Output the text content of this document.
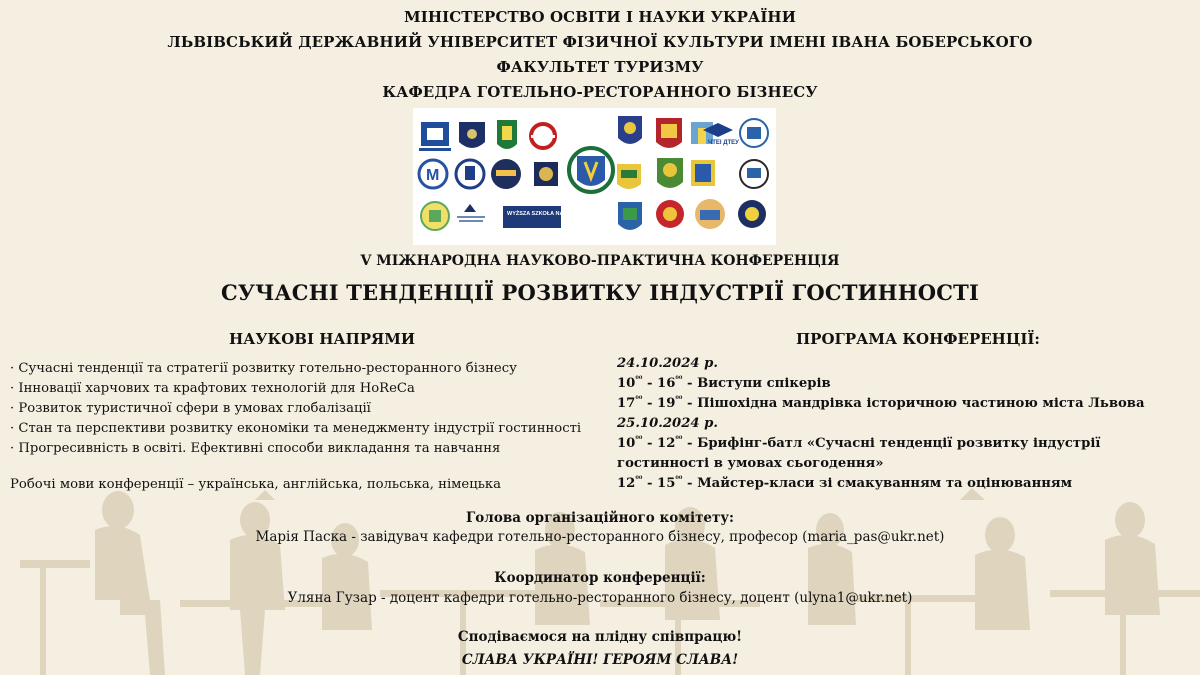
МІНІСТЕРСТВО ОСВІТИ І НАУКИ УКРАЇНИ
ЛЬВІВСЬКИЙ ДЕРЖАВНИЙ УНІВЕРСИТЕТ ФІЗИЧНОЇ КУЛЬТУРИ ІМЕНІ ІВАНА БОБЕРСЬКОГО
ФАКУЛЬТЕТ ТУРИЗМУ
КАФЕДРА ГОТЕЛЬНО-РЕСТОРАННОГО БІЗНЕСУ
ЧТЕІ ДТЕУ
M
WYŻSZA SZKOŁA NAUK O ZDROWIU
V МІЖНАРОДНА НАУКОВО-ПРАКТИЧНА КОНФЕРЕНЦІЯ
СУЧАСНІ ТЕНДЕНЦІЇ РОЗВИТКУ ІНДУСТРІЇ ГОСТИННОСТІ
НАУКОВІ НАПРЯМИ	ПРОГРАМА КОНФЕРЕНЦІЇ:
· Сучасні тенденції та стратегії розвитку готельно-ресторанного бізнесу
· Інновації харчових та крафтових технологій для HoReCa
· Розвиток туристичної сфери в умовах глобалізації
· Стан та перспективи розвитку економіки та менеджменту індустрії гостинності
· Прогресивність в освіті. Ефективні способи викладання та навчання
Робочі мови конференції – українська, англійська, польська, німецька
24.10.2024 р.
$10^{^{00}} - 16^{^{00}}$ - Виступи спікерів
$17^{^{00}} - 19^{^{00}}$ - Пішохідна мандрівка історичною частиною міста Львова
25.10.2024 р.
$10^{^{00}} - 12^{^{00}}$ - Брифінг-батл «Сучасні тенденції розвитку індустрії гостинності в умовах сьогодення»
$12^{^{00}} - 15^{^{00}}$ - Майстер-класи зі смакуванням та оцінюванням
Голова організаційного комітету:
Марія Паска - завідувач кафедри готельно-ресторанного бізнесу, професор (maria_pas@ukr.net)
Координатор конференції:
Уляна Гузар - доцент кафедри готельно-ресторанного бізнесу, доцент (ulyna1@ukr.net)
Сподіваємося на плідну співпрацю!
СЛАВА УКРАЇНІ! ГЕРОЯМ СЛАВА!
